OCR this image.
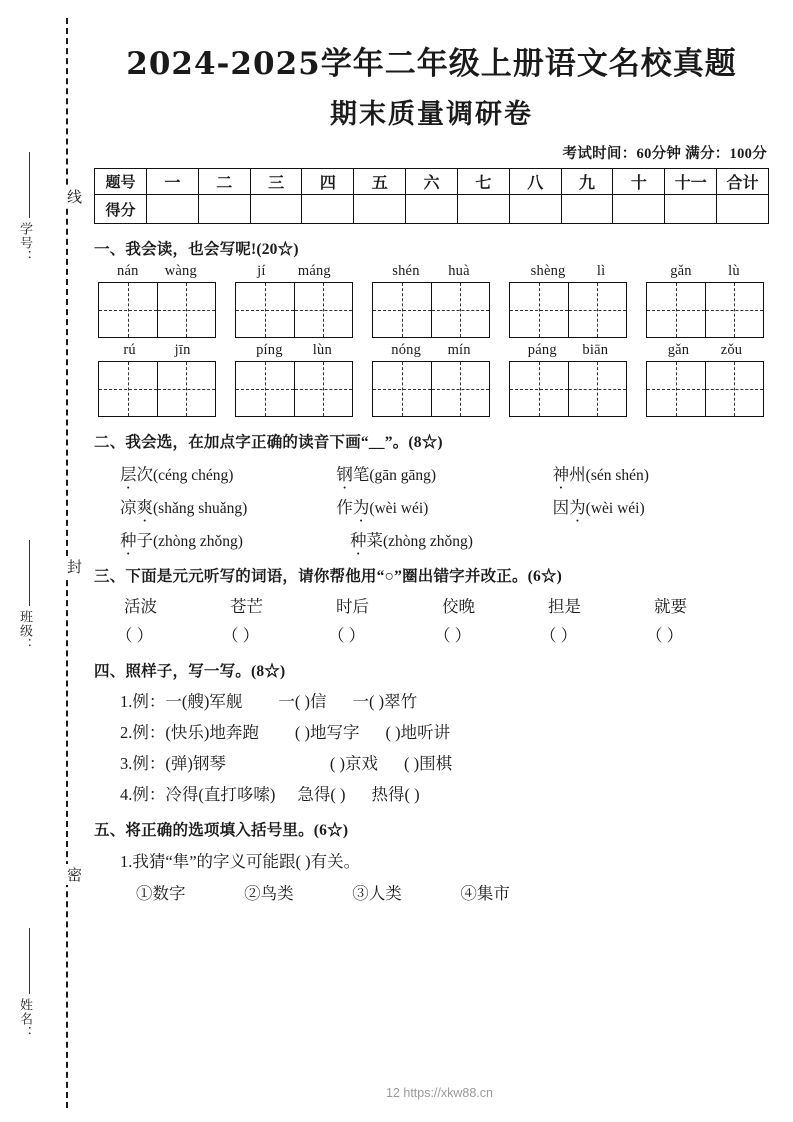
线
封
密
学号：
班级：
姓名：
2024-2025学年二年级上册语文名校真题
期末质量调研卷
考试时间：60分钟 满分：100分
题号	一	二	三	四	五	六	七	八	九	十	十一	合计
得分												
一、我会读，也会写呢!(20☆)
nán wàng	jí máng	shén huà	shèng lì	gǎn	lù
rú	jīn	píng lùn	nóng mín	páng biān	gǎn zǒu
二、我会选，在加点字正确的读音下画“__”。(8☆)
层次(céng chéng)	钢笔(gān gāng)	神州(sén shén)
凉爽(shǎng shuǎng)	作为(wèi wéi)	因为(wèi wéi)
种子(zhòng zhǒng)	种菜(zhòng zhǒng)
三、下面是元元听写的词语，请你帮他用“○”圈出错字并改正。(6☆)
活波	苍芒	时后	佼晚	担是	就要
（ ）	（ ）	（ ）	（ ）	（ ）	（ ）
四、照样子，写一写。(8☆)
1.例：一(艘)军舰 一( )信 一( )翠竹
2.例：(快乐)地奔跑 ( )地写字 ( )地听讲
3.例：(弹)钢琴	( )京戏 ( )围棋
4.例：冷得(直打哆嗦) 急得( ) 热得( )
五、将正确的选项填入括号里。(6☆)
1.我猜“隼”的字义可能跟( )有关。
①数字	②鸟类	③人类	④集市
12 https://xkw88.cn
